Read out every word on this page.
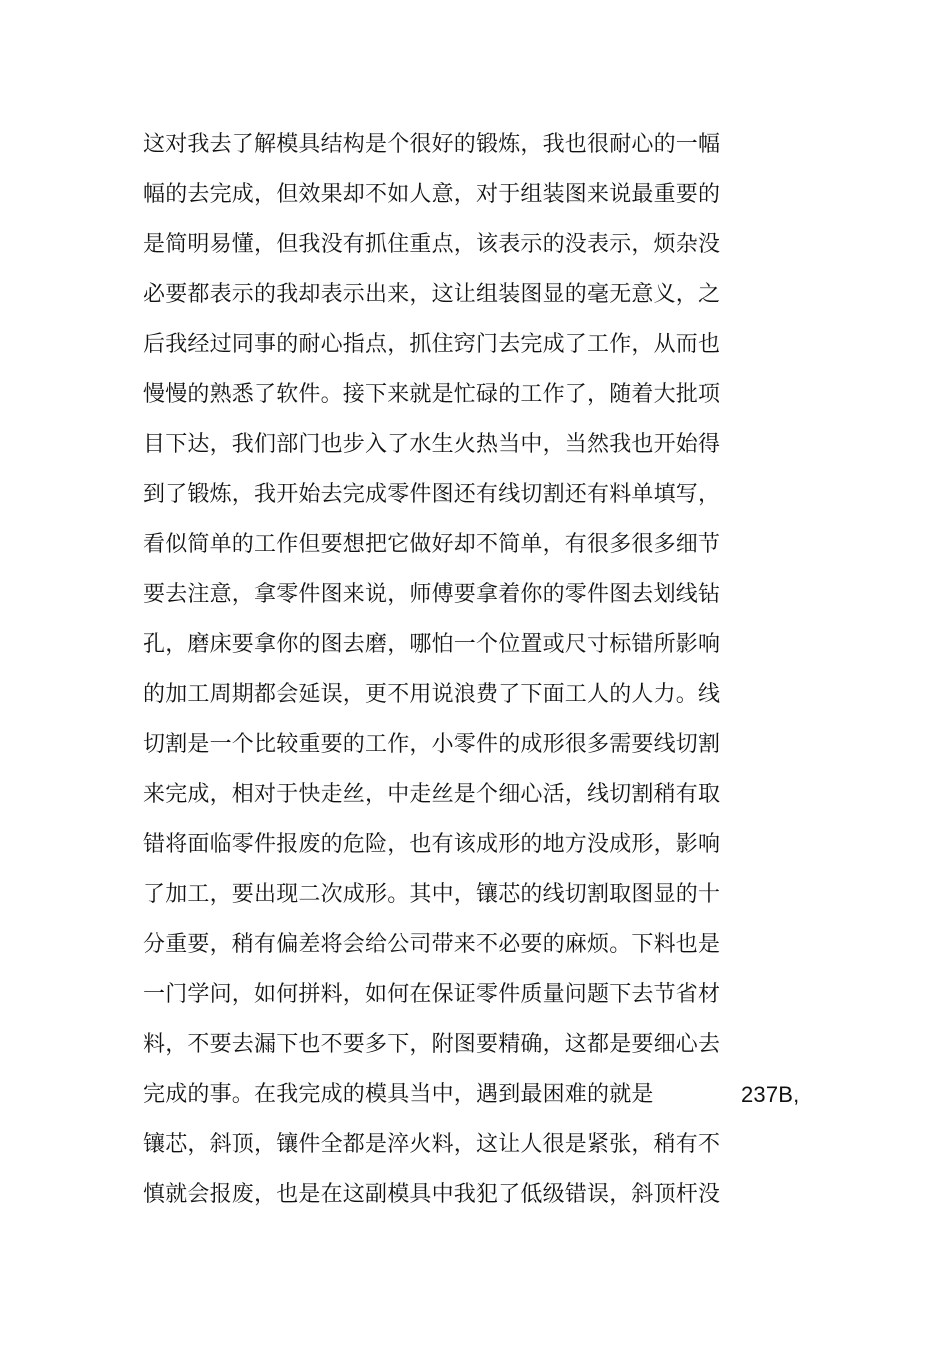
这对我去了解模具结构是个很好的锻炼，我也很耐心的一幅
幅的去完成，但效果却不如人意，对于组装图来说最重要的
是简明易懂，但我没有抓住重点，该表示的没表示，烦杂没
必要都表示的我却表示出来，这让组装图显的毫无意义，之
后我经过同事的耐心指点，抓住窍门去完成了工作，从而也
慢慢的熟悉了软件。接下来就是忙碌的工作了，随着大批项
目下达，我们部门也步入了水生火热当中，当然我也开始得
到了锻炼，我开始去完成零件图还有线切割还有料单填写，
看似简单的工作但要想把它做好却不简单，有很多很多细节
要去注意，拿零件图来说，师傅要拿着你的零件图去划线钻
孔，磨床要拿你的图去磨，哪怕一个位置或尺寸标错所影响
的加工周期都会延误，更不用说浪费了下面工人的人力。线
切割是一个比较重要的工作，小零件的成形很多需要线切割
来完成，相对于快走丝，中走丝是个细心活，线切割稍有取
错将面临零件报废的危险，也有该成形的地方没成形，影响
了加工，要出现二次成形。其中，镶芯的线切割取图显的十
分重要，稍有偏差将会给公司带来不必要的麻烦。下料也是
一门学问，如何拼料，如何在保证零件质量问题下去节省材
料，不要去漏下也不要多下，附图要精确，这都是要细心去
完成的事。在我完成的模具当中，遇到最困难的就是	237B,
镶芯，斜顶，镶件全都是淬火料，这让人很是紧张，稍有不
慎就会报废，也是在这副模具中我犯了低级错误，斜顶杆没
